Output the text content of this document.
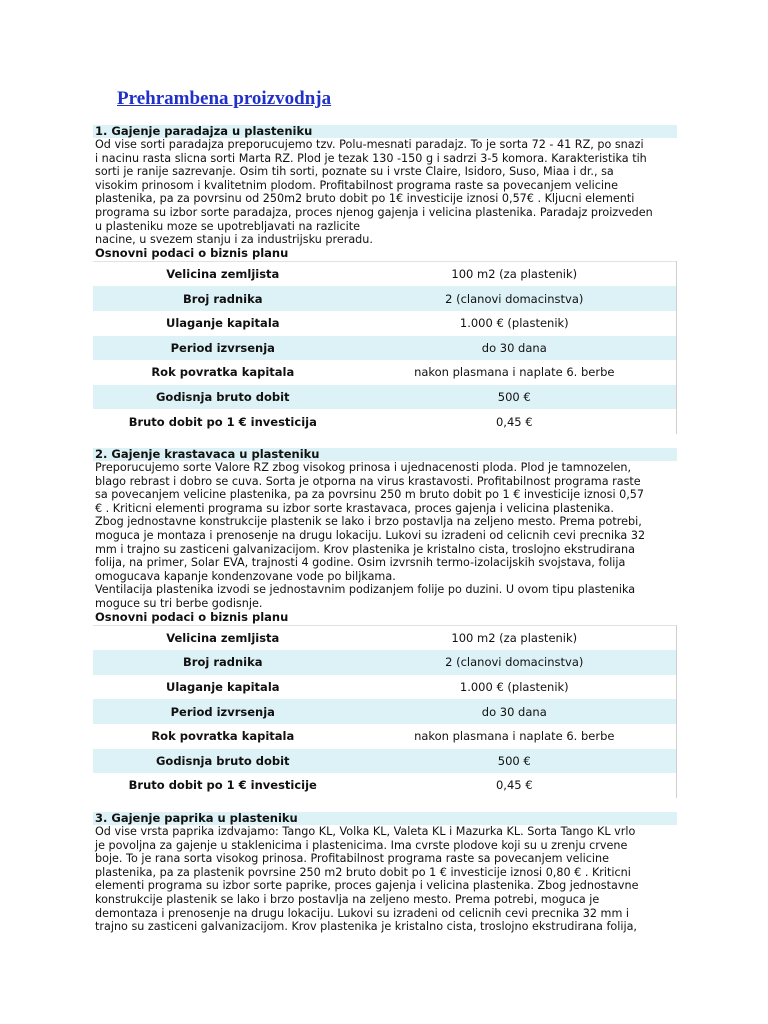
Prehrambena proizvodnja

1. Gajenje paradajza u plasteniku

Od vise sorti paradajza preporucujemo tzv. Polu-mesnati paradajz. To je sorta 72 - 41 RZ, po snazi
i nacinu rasta slicna sorti Marta RZ. Plod je tezak 130 -150 g i sadrzi 3-5 komora. Karakteristika tih
sorti je ranije sazrevanje. Osim tih sorti, poznate su i vrste Claire, Isidoro, Suso, Miaa i dr., sa
visokim prinosom i kvalitetnim plodom. Profitabilnost programa raste sa povecanjem velicine
plastenika, pa za povrsinu od 250m2 bruto dobit po 1€ investicije iznosi 0,57€ . Kljucni elementi
programa su izbor sorte paradajza, proces njenog gajenja i velicina plastenika. Paradajz proizveden
u plasteniku moze se upotrebljavati na razlicite
nacine, u svezem stanju i za industrijsku preradu.

Osnovni podaci o biznis planu

Velicina zemljista	100 m2 (za plastenik)
Broj radnika	2 (clanovi domacinstva)
Ulaganje kapitala	1.000 € (plastenik)
Period izvrsenja	do 30 dana
Rok povratka kapitala	nakon plasmana i naplate 6. berbe
Godisnja bruto dobit	500 €
Bruto dobit po 1 € investicija	0,45 €

2. Gajenje krastavaca u plasteniku

Preporucujemo sorte Valore RZ zbog visokog prinosa i ujednacenosti ploda. Plod je tamnozelen,
blago rebrast i dobro se cuva. Sorta je otporna na virus krastavosti. Profitabilnost programa raste
sa povecanjem velicine plastenika, pa za povrsinu 250 m bruto dobit po 1 € investicije iznosi 0,57
€ . Kriticni elementi programa su izbor sorte krastavaca, proces gajenja i velicina plastenika.
Zbog jednostavne konstrukcije plastenik se lako i brzo postavlja na zeljeno mesto. Prema potrebi,
moguca je montaza i prenosenje na drugu lokaciju. Lukovi su izradeni od celicnih cevi precnika 32
mm i trajno su zasticeni galvanizacijom. Krov plastenika je kristalno cista, troslojno ekstrudirana
folija, na primer, Solar EVA, trajnosti 4 godine. Osim izvrsnih termo-izolacijskih svojstava, folija
omogucava kapanje kondenzovane vode po biljkama.
Ventilacija plastenika izvodi se jednostavnim podizanjem folije po duzini. U ovom tipu plastenika
moguce su tri berbe godisnje.

Osnovni podaci o biznis planu

Velicina zemljista	100 m2 (za plastenik)
Broj radnika	2 (clanovi domacinstva)
Ulaganje kapitala	1.000 € (plastenik)
Period izvrsenja	do 30 dana
Rok povratka kapitala	nakon plasmana i naplate 6. berbe
Godisnja bruto dobit	500 €
Bruto dobit po 1 € investicije	0,45 €

3. Gajenje paprika u plasteniku

Od vise vrsta paprika izdvajamo: Tango KL, Volka KL, Valeta KL i Mazurka KL. Sorta Tango KL vrlo
je povoljna za gajenje u staklenicima i plastenicima. Ima cvrste plodove koji su u zrenju crvene
boje. To je rana sorta visokog prinosa. Profitabilnost programa raste sa povecanjem velicine
plastenika, pa za plastenik povrsine 250 m2 bruto dobit po 1 € investicije iznosi 0,80 € . Kriticni
elementi programa su izbor sorte paprike, proces gajenja i velicina plastenika. Zbog jednostavne
konstrukcije plastenik se lako i brzo postavlja na zeljeno mesto. Prema potrebi, moguca je
demontaza i prenosenje na drugu lokaciju. Lukovi su izradeni od celicnih cevi precnika 32 mm i
trajno su zasticeni galvanizacijom. Krov plastenika je kristalno cista, troslojno ekstrudirana folija,
